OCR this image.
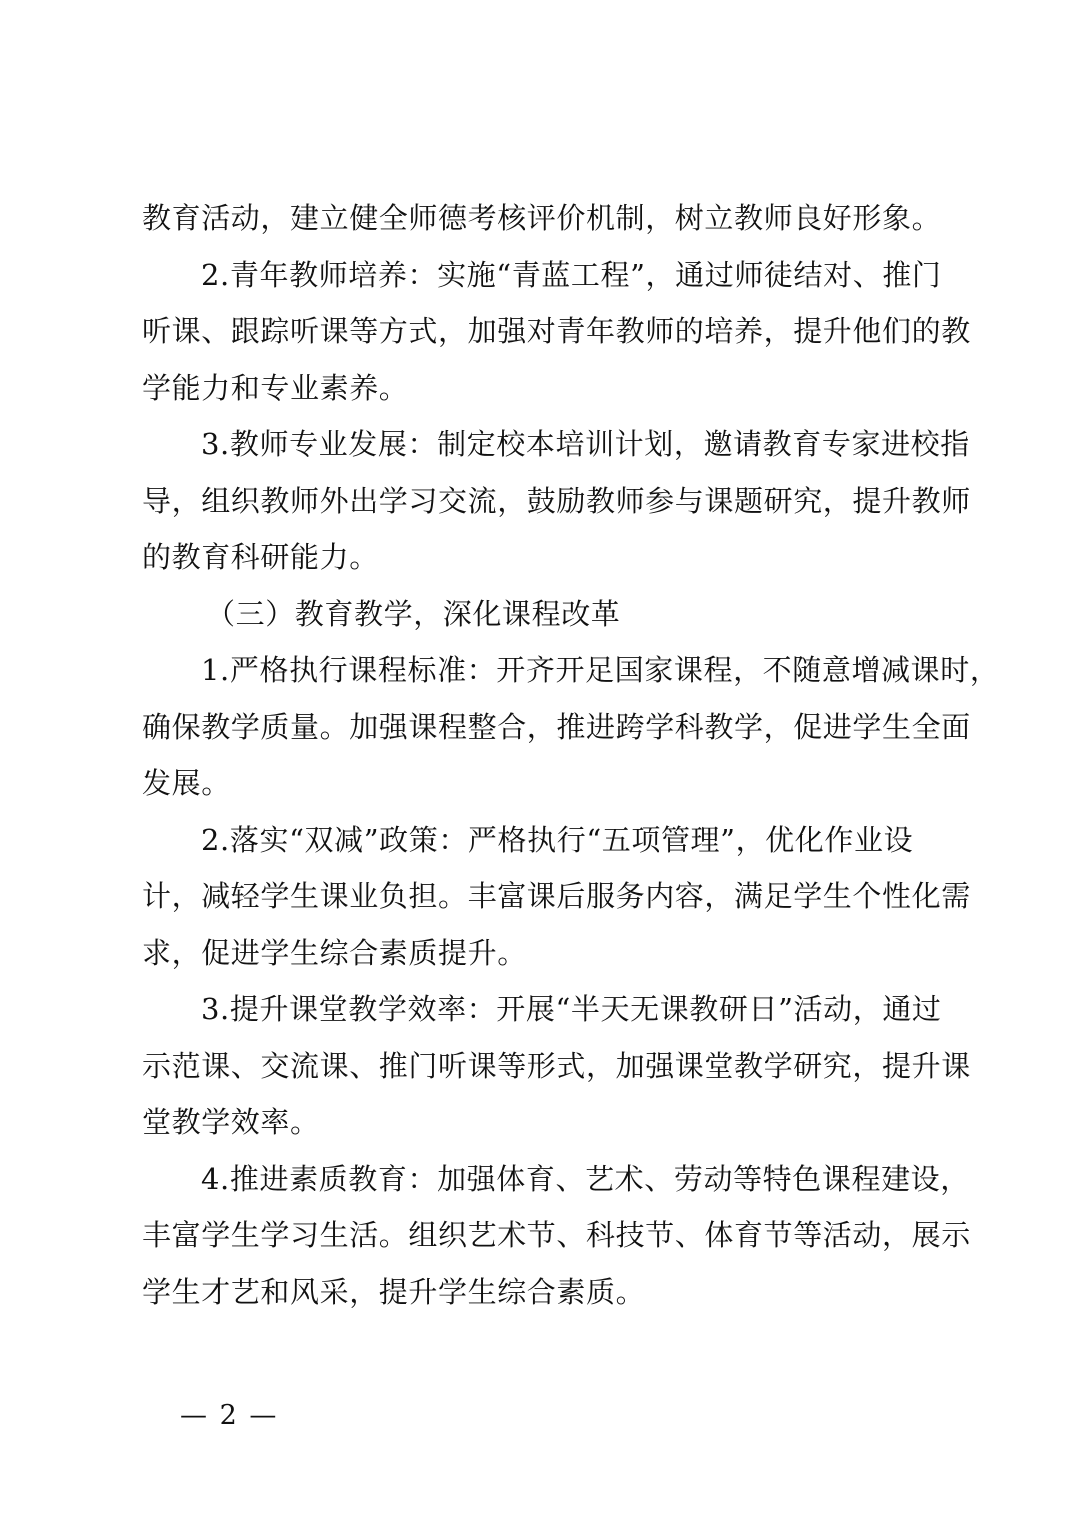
教育活动，建立健全师德考核评价机制，树立教师良好形象。
2.青年教师培养：实施“青蓝工程”，通过师徒结对、推门
听课、跟踪听课等方式，加强对青年教师的培养，提升他们的教
学能力和专业素养。
3.教师专业发展：制定校本培训计划，邀请教育专家进校指
导，组织教师外出学习交流，鼓励教师参与课题研究，提升教师
的教育科研能力。
（三）教育教学，深化课程改革
1.严格执行课程标准：开齐开足国家课程，不随意增减课时，
确保教学质量。加强课程整合，推进跨学科教学，促进学生全面
发展。
2.落实“双减”政策：严格执行“五项管理”，优化作业设
计，减轻学生课业负担。丰富课后服务内容，满足学生个性化需
求，促进学生综合素质提升。
3.提升课堂教学效率：开展“半天无课教研日”活动，通过
示范课、交流课、推门听课等形式，加强课堂教学研究，提升课
堂教学效率。
4.推进素质教育：加强体育、艺术、劳动等特色课程建设，
丰富学生学习生活。组织艺术节、科技节、体育节等活动，展示
学生才艺和风采，提升学生综合素质。
— 2 —
